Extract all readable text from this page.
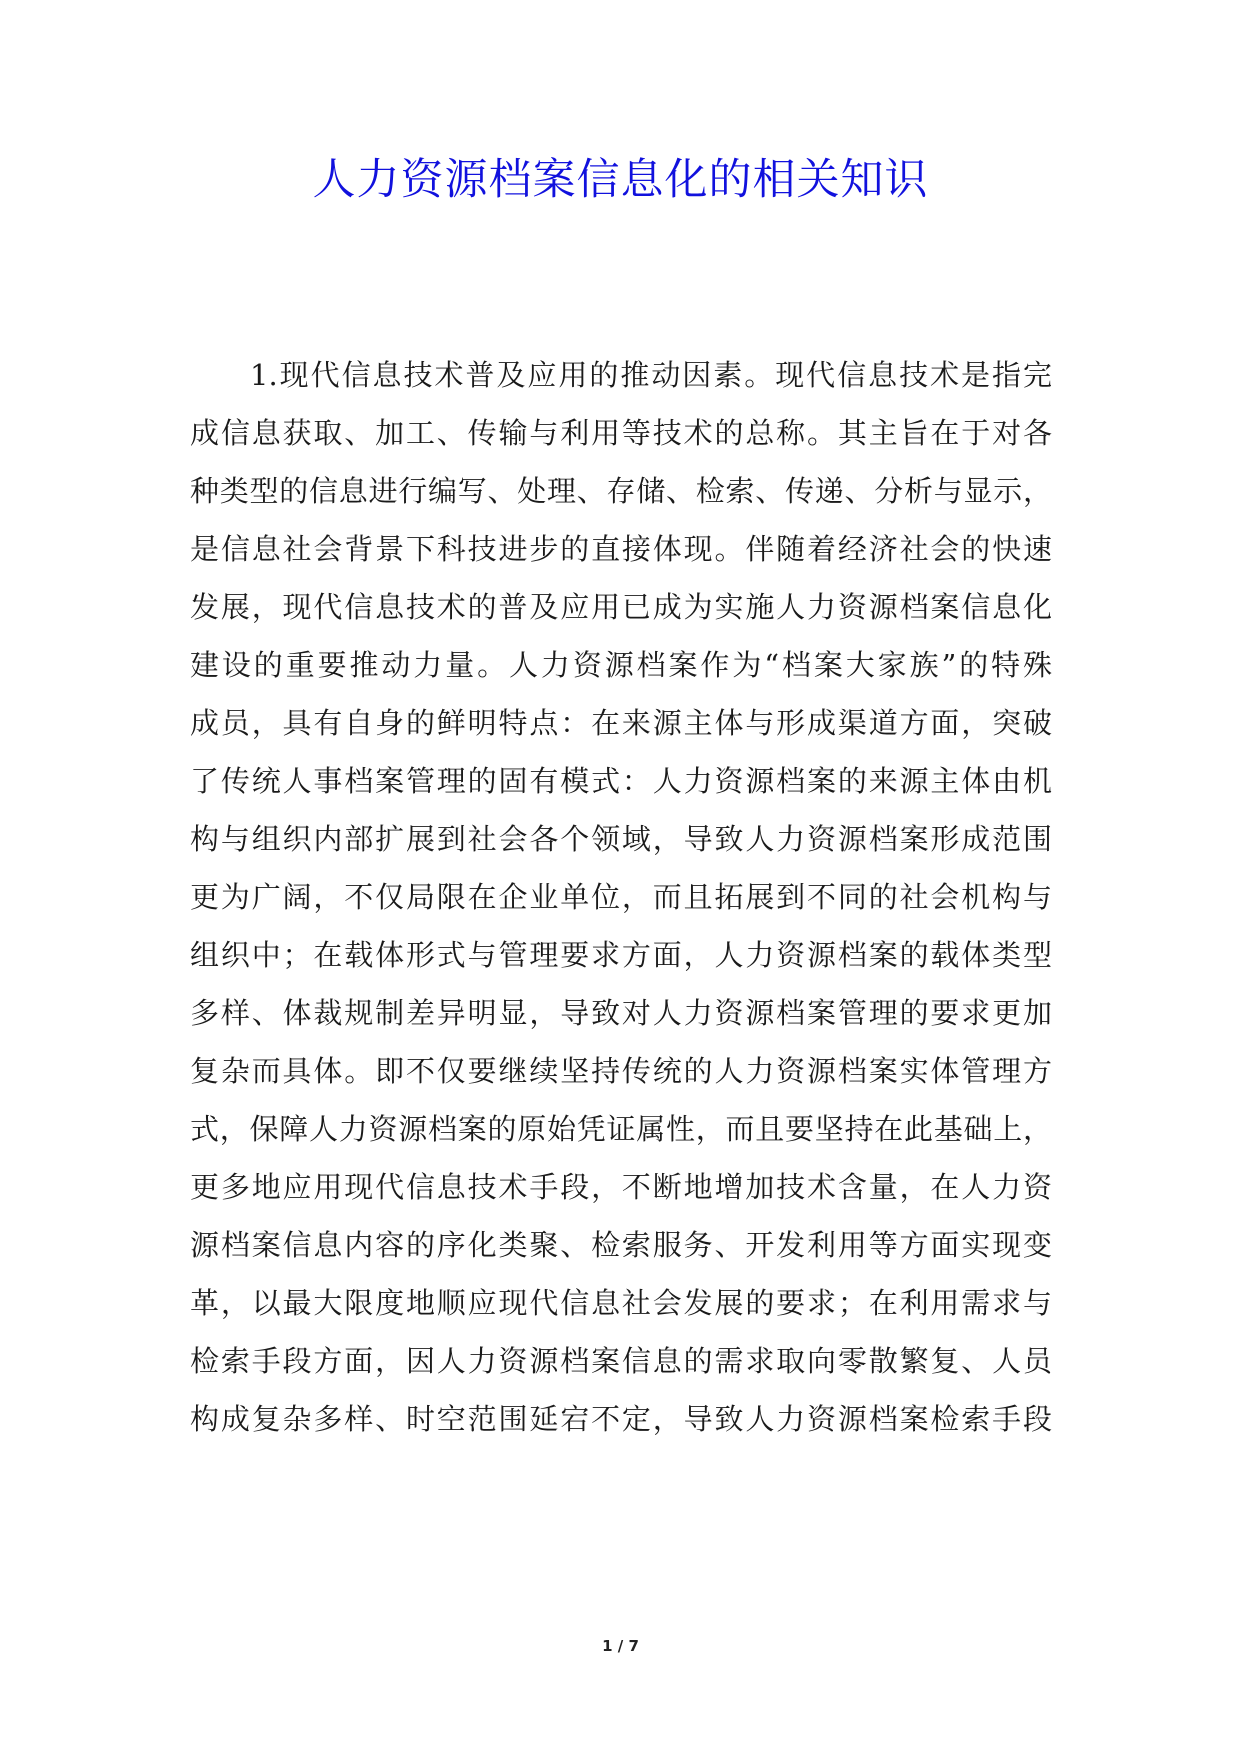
人力资源档案信息化的相关知识
1.现代信息技术普及应用的推动因素。现代信息技术是指完
成信息获取、加工、传输与利用等技术的总称。其主旨在于对各
种类型的信息进行编写、处理、存储、检索、传递、分析与显示，
是信息社会背景下科技进步的直接体现。伴随着经济社会的快速
发展，现代信息技术的普及应用已成为实施人力资源档案信息化
建设的重要推动力量。人力资源档案作为“档案大家族”的特殊
成员，具有自身的鲜明特点：在来源主体与形成渠道方面，突破
了传统人事档案管理的固有模式：人力资源档案的来源主体由机
构与组织内部扩展到社会各个领域，导致人力资源档案形成范围
更为广阔，不仅局限在企业单位，而且拓展到不同的社会机构与
组织中；在载体形式与管理要求方面，人力资源档案的载体类型
多样、体裁规制差异明显，导致对人力资源档案管理的要求更加
复杂而具体。即不仅要继续坚持传统的人力资源档案实体管理方
式，保障人力资源档案的原始凭证属性，而且要坚持在此基础上，
更多地应用现代信息技术手段，不断地增加技术含量，在人力资
源档案信息内容的序化类聚、检索服务、开发利用等方面实现变
革，以最大限度地顺应现代信息社会发展的要求；在利用需求与
检索手段方面，因人力资源档案信息的需求取向零散繁复、人员
构成复杂多样、时空范围延宕不定，导致人力资源档案检索手段
1 / 7
